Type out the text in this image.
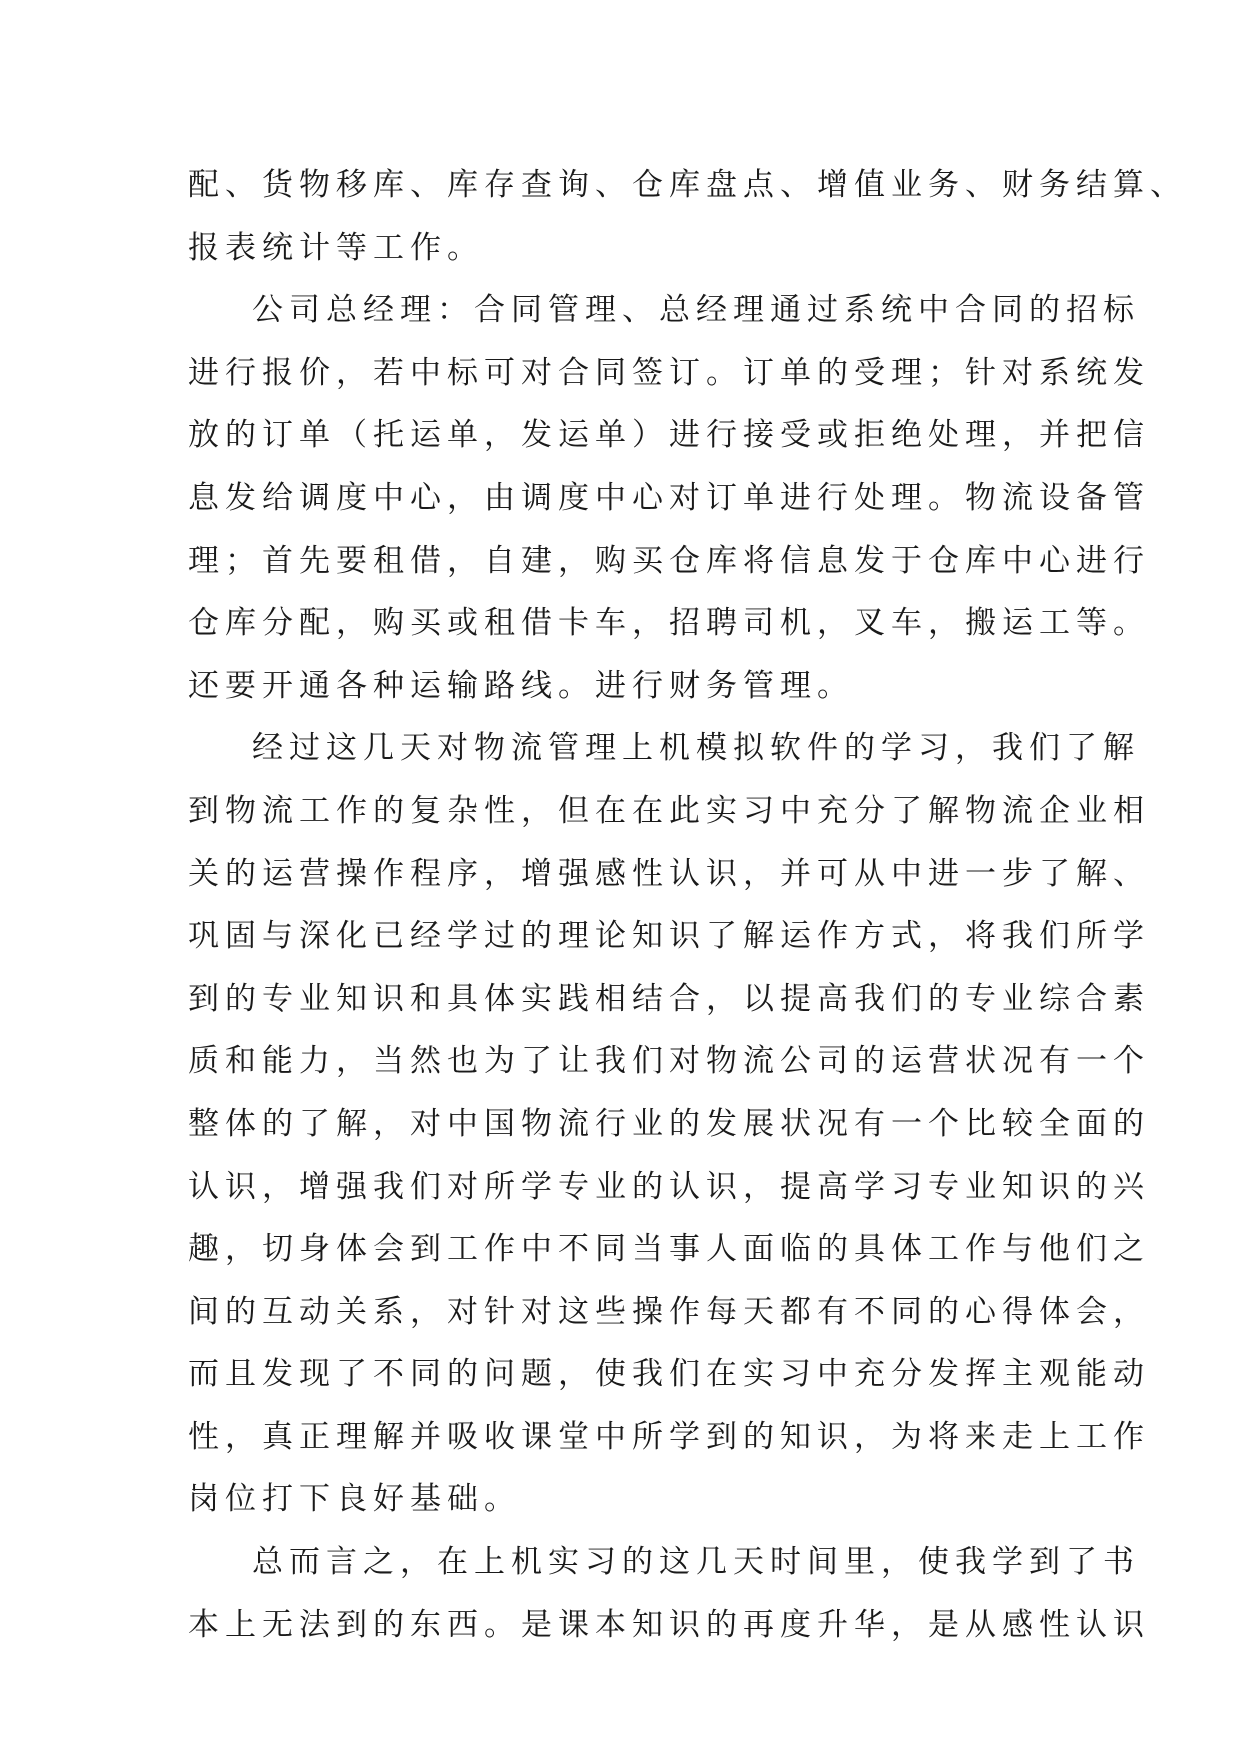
配、货物移库、库存查询、仓库盘点、增值业务、财务结算、
报表统计等工作。
公司总经理：合同管理、总经理通过系统中合同的招标
进行报价，若中标可对合同签订。订单的受理；针对系统发
放的订单（托运单，发运单）进行接受或拒绝处理，并把信
息发给调度中心，由调度中心对订单进行处理。物流设备管
理；首先要租借，自建，购买仓库将信息发于仓库中心进行
仓库分配，购买或租借卡车，招聘司机，叉车，搬运工等。
还要开通各种运输路线。进行财务管理。
经过这几天对物流管理上机模拟软件的学习，我们了解
到物流工作的复杂性，但在在此实习中充分了解物流企业相
关的运营操作程序，增强感性认识，并可从中进一步了解、
巩固与深化已经学过的理论知识了解运作方式，将我们所学
到的专业知识和具体实践相结合，以提高我们的专业综合素
质和能力，当然也为了让我们对物流公司的运营状况有一个
整体的了解，对中国物流行业的发展状况有一个比较全面的
认识，增强我们对所学专业的认识，提高学习专业知识的兴
趣，切身体会到工作中不同当事人面临的具体工作与他们之
间的互动关系，对针对这些操作每天都有不同的心得体会，
而且发现了不同的问题，使我们在实习中充分发挥主观能动
性，真正理解并吸收课堂中所学到的知识，为将来走上工作
岗位打下良好基础。
总而言之，在上机实习的这几天时间里，使我学到了书
本上无法到的东西。是课本知识的再度升华，是从感性认识
